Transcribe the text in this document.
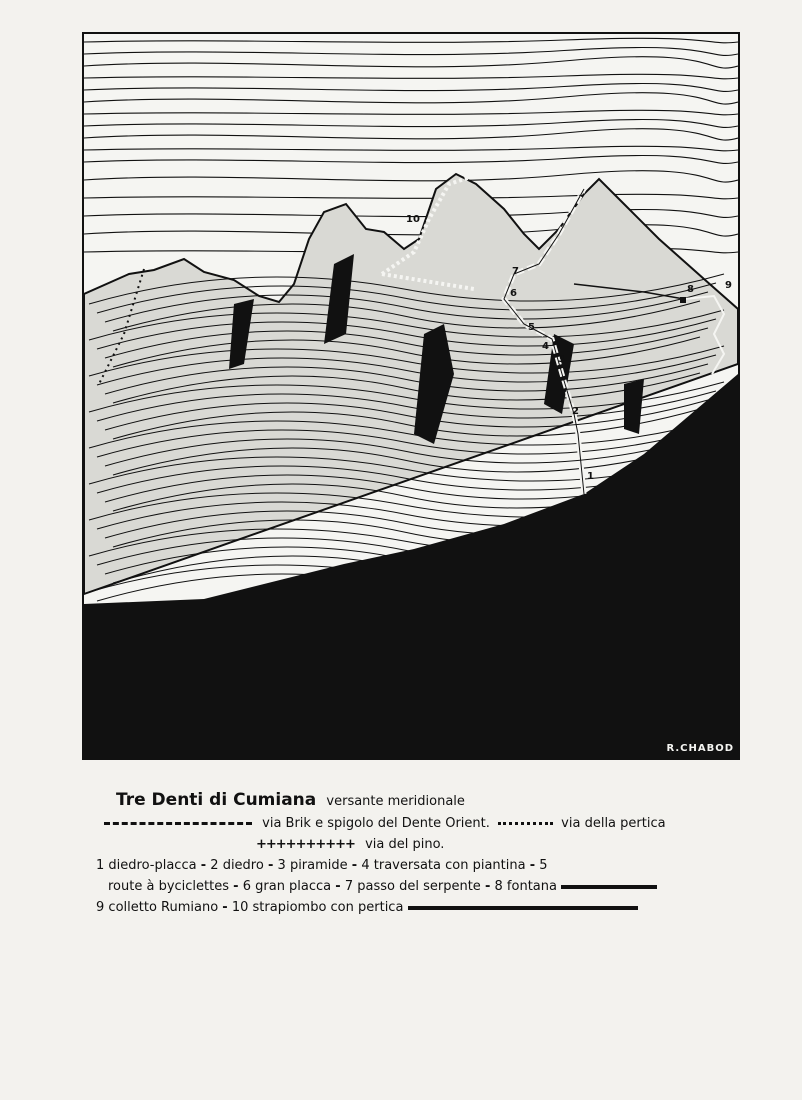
1
2
3
4
5
6
7
8	9
10
R.CHABOD
Tre Denti di Cumiana versante meridionale
via Brik e spigolo del Dente Orient.	via della pertica
++++++++++ via del pino.
1 diedro-placca - 2 diedro - 3 piramide - 4 traversata con piantina - 5
route à byciclettes - 6 gran placca - 7 passo del serpente - 8 fontana
9 colletto Rumiano - 10 strapiombo con pertica
